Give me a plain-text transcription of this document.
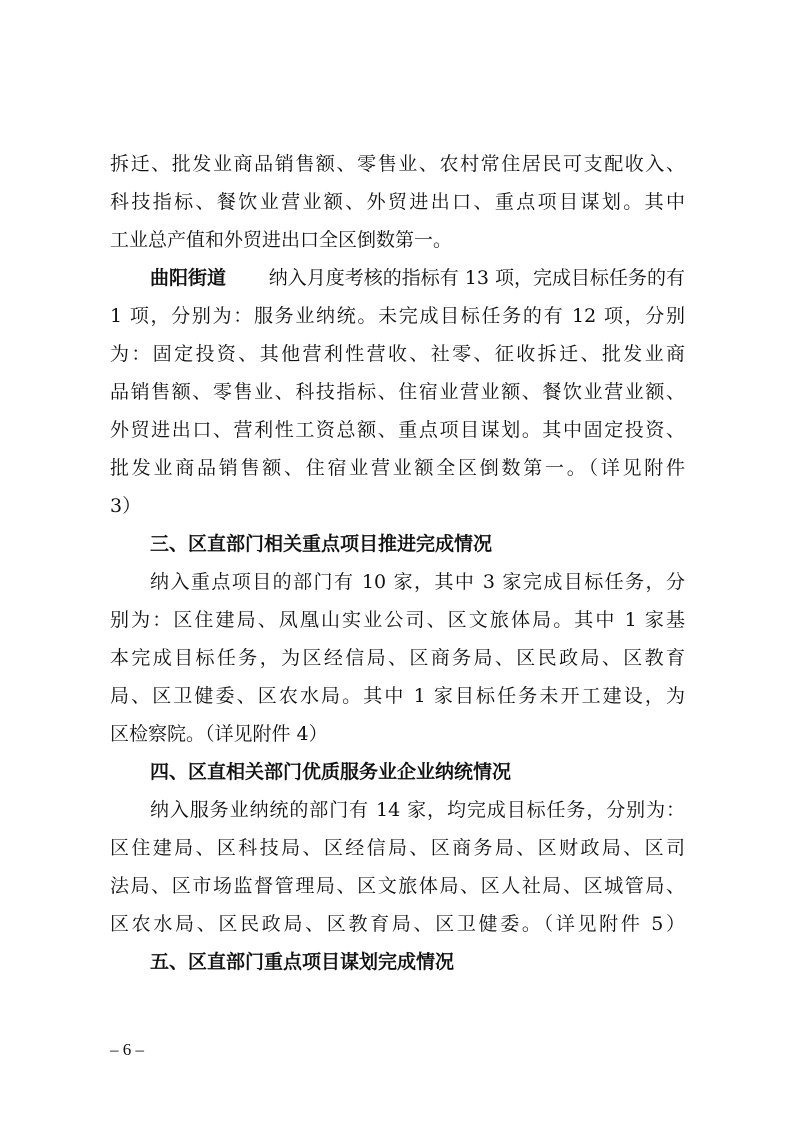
拆迁、批发业商品销售额、零售业、农村常住居民可支配收入、
科技指标、餐饮业营业额、外贸进出口、重点项目谋划。其中
工业总产值和外贸进出口全区倒数第一。
曲阳街道 纳入月度考核的指标有 13 项，完成目标任务的有
1 项，分别为：服务业纳统。未完成目标任务的有 12 项，分别
为：固定投资、其他营利性营收、社零、征收拆迁、批发业商
品销售额、零售业、科技指标、住宿业营业额、餐饮业营业额、
外贸进出口、营利性工资总额、重点项目谋划。其中固定投资、
批发业商品销售额、住宿业营业额全区倒数第一。（详见附件
3）
三、区直部门相关重点项目推进完成情况
纳入重点项目的部门有 10 家，其中 3 家完成目标任务，分
别为：区住建局、凤凰山实业公司、区文旅体局。其中 1 家基
本完成目标任务，为区经信局、区商务局、区民政局、区教育
局、区卫健委、区农水局。其中 1 家目标任务未开工建设，为
区检察院。（详见附件 4）
四、区直相关部门优质服务业企业纳统情况
纳入服务业纳统的部门有 14 家，均完成目标任务，分别为：
区住建局、区科技局、区经信局、区商务局、区财政局、区司
法局、区市场监督管理局、区文旅体局、区人社局、区城管局、
区农水局、区民政局、区教育局、区卫健委。（详见附件 5）
五、区直部门重点项目谋划完成情况
– 6 –
